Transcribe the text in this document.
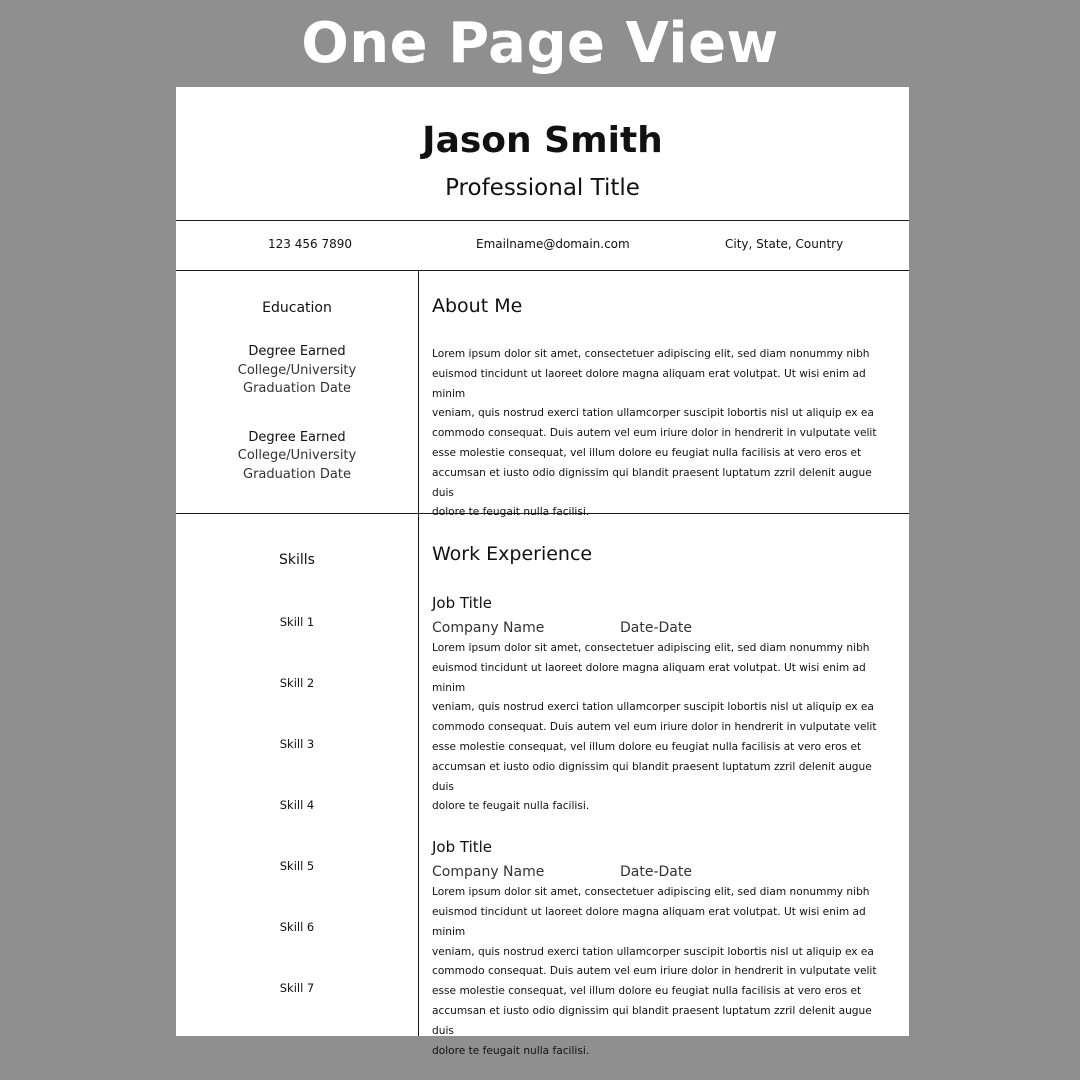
One Page View
Jason Smith
Professional Title
123 456 7890	Emailname@domain.com	City, State, Country
Education
Degree Earned
College/University
Graduation Date
Degree Earned
College/University
Graduation Date
About Me
Lorem ipsum dolor sit amet, consectetuer adipiscing elit, sed diam nonummy nibh
euismod tincidunt ut laoreet dolore magna aliquam erat volutpat. Ut wisi enim ad minim
veniam, quis nostrud exerci tation ullamcorper suscipit lobortis nisl ut aliquip ex ea
commodo consequat. Duis autem vel eum iriure dolor in hendrerit in vulputate velit
esse molestie consequat, vel illum dolore eu feugiat nulla facilisis at vero eros et
accumsan et iusto odio dignissim qui blandit praesent luptatum zzril delenit augue duis
dolore te feugait nulla facilisi.
Skills
Skill 1
Skill 2
Skill 3
Skill 4
Skill 5
Skill 6
Skill 7
Work Experience
Job Title
Company Name	Date-Date
Lorem ipsum dolor sit amet, consectetuer adipiscing elit, sed diam nonummy nibh
euismod tincidunt ut laoreet dolore magna aliquam erat volutpat. Ut wisi enim ad minim
veniam, quis nostrud exerci tation ullamcorper suscipit lobortis nisl ut aliquip ex ea
commodo consequat. Duis autem vel eum iriure dolor in hendrerit in vulputate velit
esse molestie consequat, vel illum dolore eu feugiat nulla facilisis at vero eros et
accumsan et iusto odio dignissim qui blandit praesent luptatum zzril delenit augue duis
dolore te feugait nulla facilisi.
Job Title
Company Name	Date-Date
Lorem ipsum dolor sit amet, consectetuer adipiscing elit, sed diam nonummy nibh
euismod tincidunt ut laoreet dolore magna aliquam erat volutpat. Ut wisi enim ad minim
veniam, quis nostrud exerci tation ullamcorper suscipit lobortis nisl ut aliquip ex ea
commodo consequat. Duis autem vel eum iriure dolor in hendrerit in vulputate velit
esse molestie consequat, vel illum dolore eu feugiat nulla facilisis at vero eros et
accumsan et iusto odio dignissim qui blandit praesent luptatum zzril delenit augue duis
dolore te feugait nulla facilisi.
